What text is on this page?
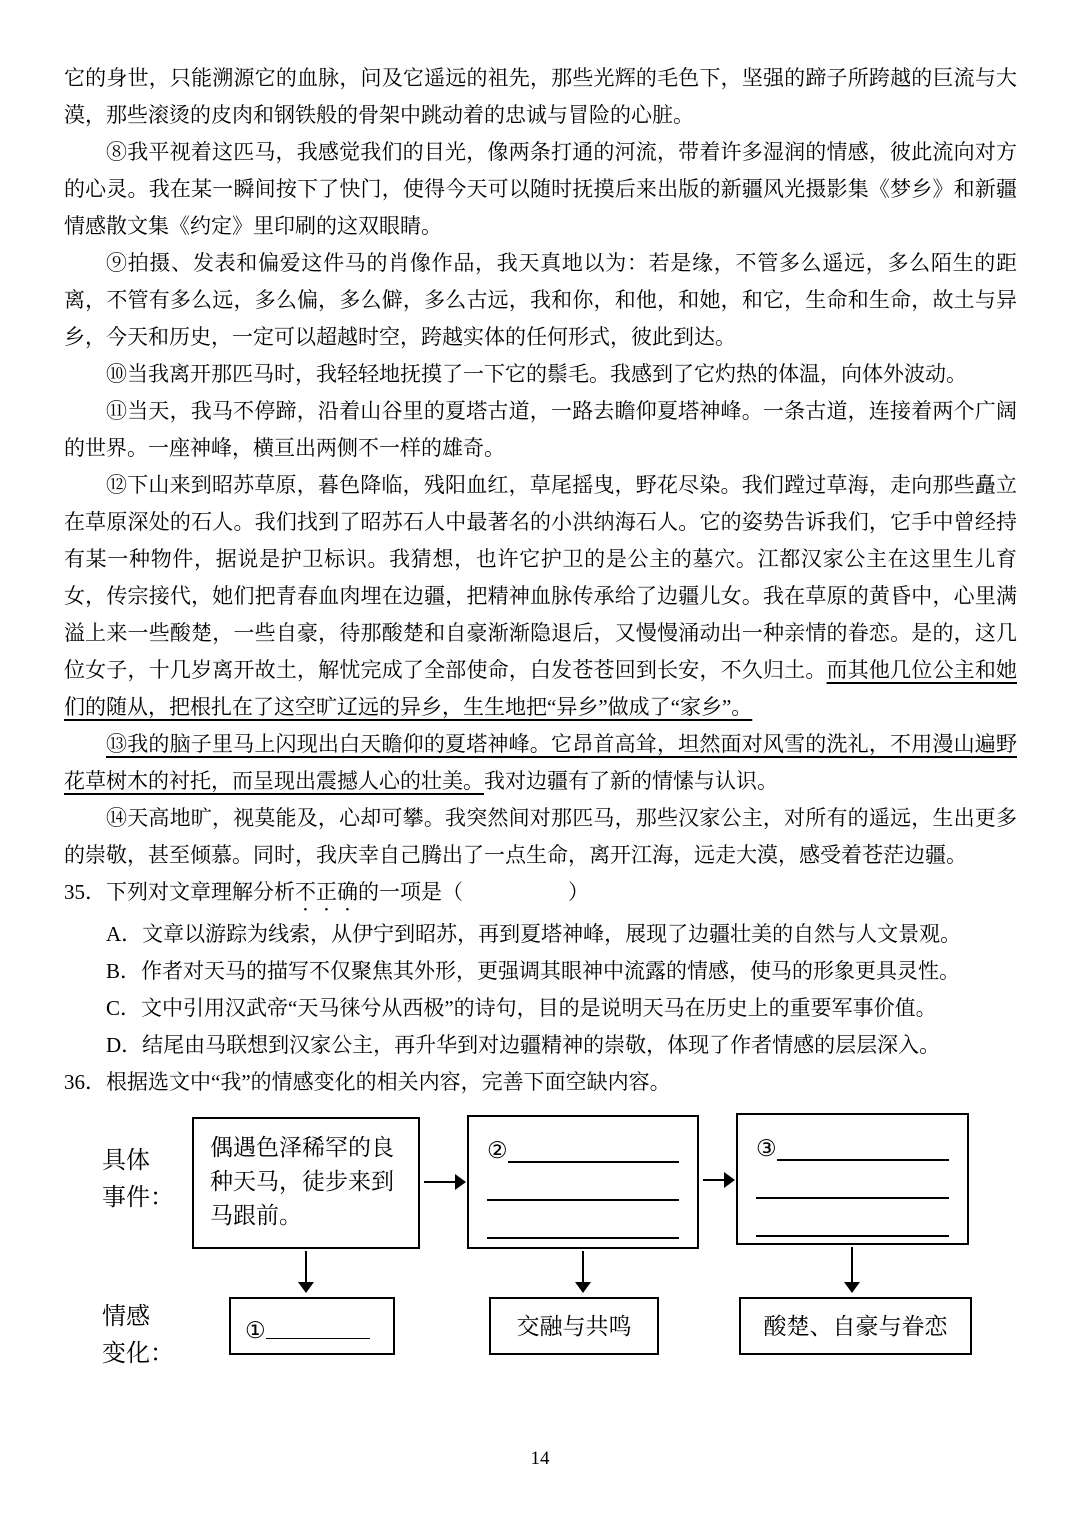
它的身世，只能溯源它的血脉，问及它遥远的祖先，那些光辉的毛色下，坚强的蹄子所跨越的巨流与大漠，那些滚烫的皮肉和钢铁般的骨架中跳动着的忠诚与冒险的心脏。

⑧我平视着这匹马，我感觉我们的目光，像两条打通的河流，带着许多湿润的情感，彼此流向对方的心灵。我在某一瞬间按下了快门，使得今天可以随时抚摸后来出版的新疆风光摄影集《梦乡》和新疆情感散文集《约定》里印刷的这双眼睛。

⑨拍摄、发表和偏爱这件马的肖像作品，我天真地以为：若是缘，不管多么遥远，多么陌生的距离，不管有多么远，多么偏，多么僻，多么古远，我和你，和他，和她，和它，生命和生命，故土与异乡，今天和历史，一定可以超越时空，跨越实体的任何形式，彼此到达。

⑩当我离开那匹马时，我轻轻地抚摸了一下它的鬃毛。我感到了它灼热的体温，向体外波动。

⑪当天，我马不停蹄，沿着山谷里的夏塔古道，一路去瞻仰夏塔神峰。一条古道，连接着两个广阔的世界。一座神峰，横亘出两侧不一样的雄奇。

⑫下山来到昭苏草原，暮色降临，残阳血红，草尾摇曳，野花尽染。我们蹚过草海，走向那些矗立在草原深处的石人。我们找到了昭苏石人中最著名的小洪纳海石人。它的姿势告诉我们，它手中曾经持有某一种物件，据说是护卫标识。我猜想，也许它护卫的是公主的墓穴。江都汉家公主在这里生儿育女，传宗接代，她们把青春血肉埋在边疆，把精神血脉传承给了边疆儿女。我在草原的黄昏中，心里满溢上来一些酸楚，一些自豪，待那酸楚和自豪渐渐隐退后，又慢慢涌动出一种亲情的眷恋。是的，这几位女子，十几岁离开故土，解忧完成了全部使命，白发苍苍回到长安，不久归土。而其他几位公主和她们的随从，把根扎在了这空旷辽远的异乡，生生地把“异乡”做成了“家乡”。

⑬我的脑子里马上闪现出白天瞻仰的夏塔神峰。它昂首高耸，坦然面对风雪的洗礼，不用漫山遍野花草树木的衬托，而呈现出震撼人心的壮美。我对边疆有了新的情愫与认识。

⑭天高地旷，视莫能及，心却可攀。我突然间对那匹马，那些汉家公主，对所有的遥远，生出更多的崇敬，甚至倾慕。同时，我庆幸自己腾出了一点生命，离开江海，远走大漠，感受着苍茫边疆。

35．下列对文章理解分析不正确的一项是（　　　　　）

A．文章以游踪为线索，从伊宁到昭苏，再到夏塔神峰，展现了边疆壮美的自然与人文景观。

B．作者对天马的描写不仅聚焦其外形，更强调其眼神中流露的情感，使马的形象更具灵性。

C．文中引用汉武帝“天马徕兮从西极”的诗句，目的是说明天马在历史上的重要军事价值。

D．结尾由马联想到汉家公主，再升华到对边疆精神的崇敬，体现了作者情感的层层深入。

36．根据选文中“我”的情感变化的相关内容，完善下面空缺内容。

具体
事件：
偶遇色泽稀罕的良种天马，徒步来到马跟前。
②	③
情感
变化：
①	交融与共鸣	酸楚、自豪与眷恋
14
